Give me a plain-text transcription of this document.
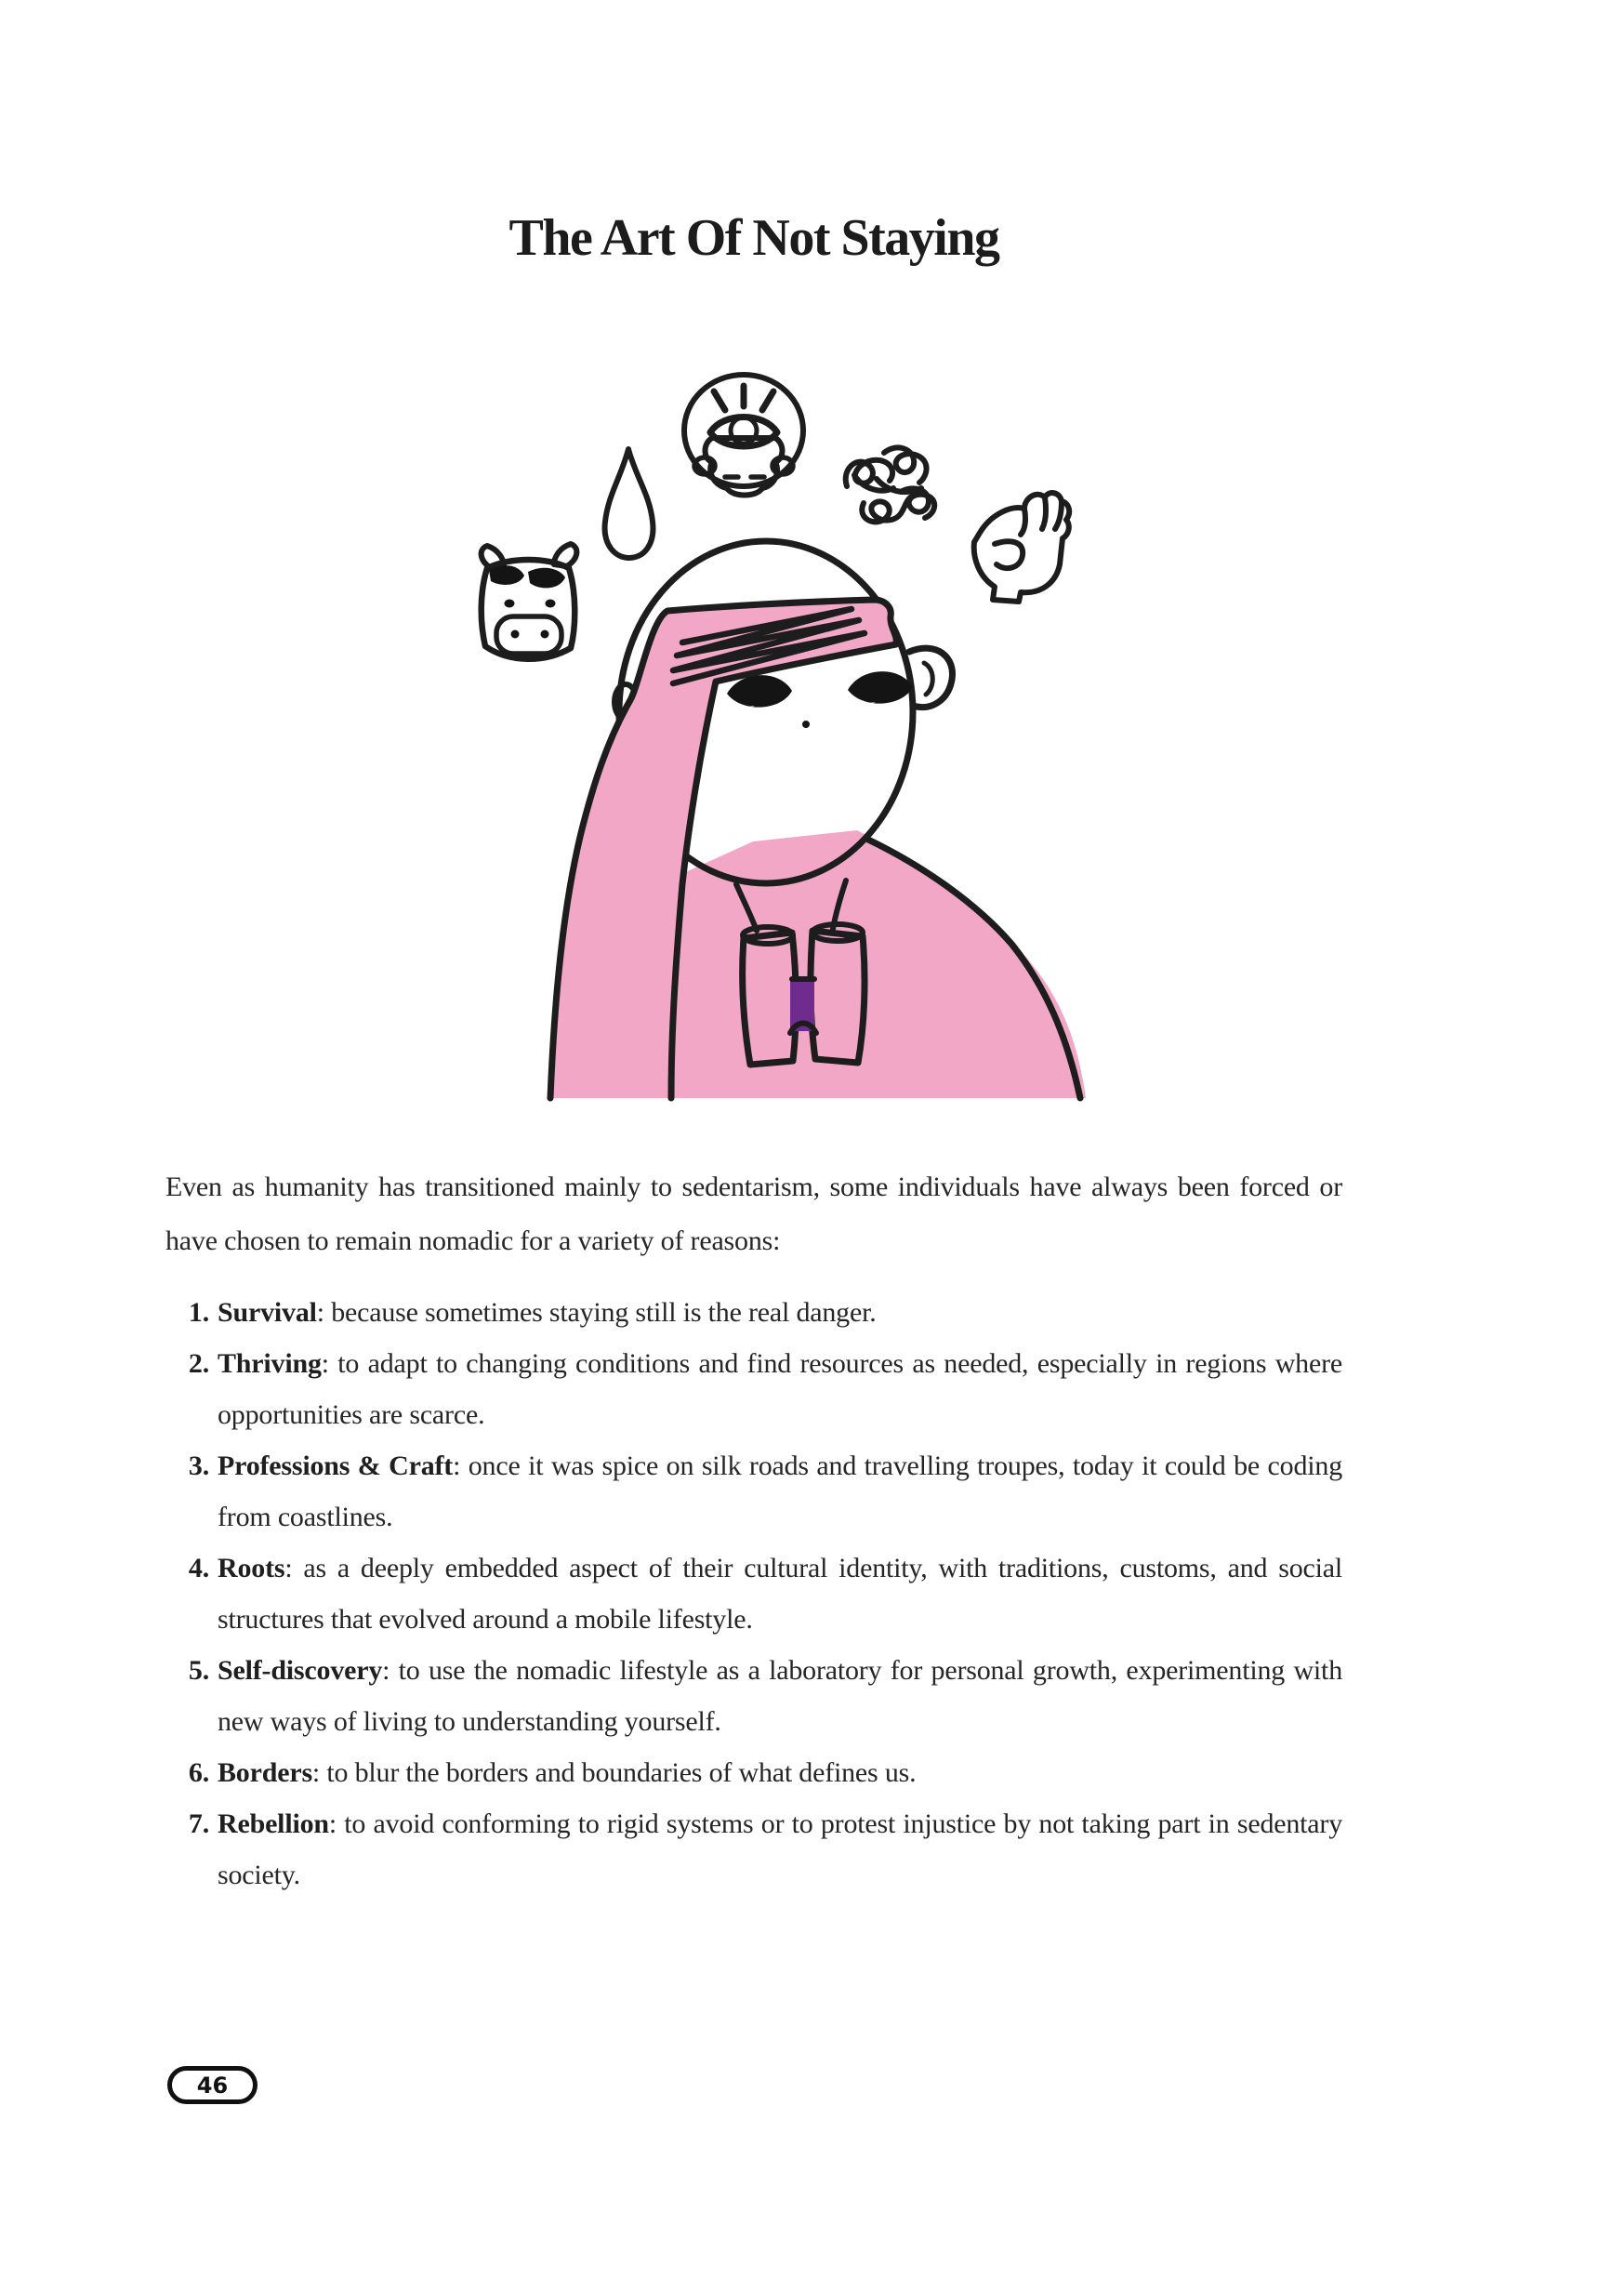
The Art Of Not Staying

Even as humanity has transitioned mainly to sedentarism, some individuals have always been forced or have chosen to remain nomadic for a variety of reasons:

1. Survival: because sometimes staying still is the real danger.
2. Thriving: to adapt to changing conditions and find resources as needed, especially in regions where opportunities are scarce.
3. Professions & Craft: once it was spice on silk roads and travelling troupes, today it could be coding from coastlines.
4. Roots: as a deeply embedded aspect of their cultural identity, with traditions, customs, and social structures that evolved around a mobile lifestyle.
5. Self-discovery: to use the nomadic lifestyle as a laboratory for personal growth, experimenting with new ways of living to understanding yourself.
6. Borders: to blur the borders and boundaries of what defines us.
7. Rebellion: to avoid conforming to rigid systems or to protest injustice by not taking part in sedentary society.
46
